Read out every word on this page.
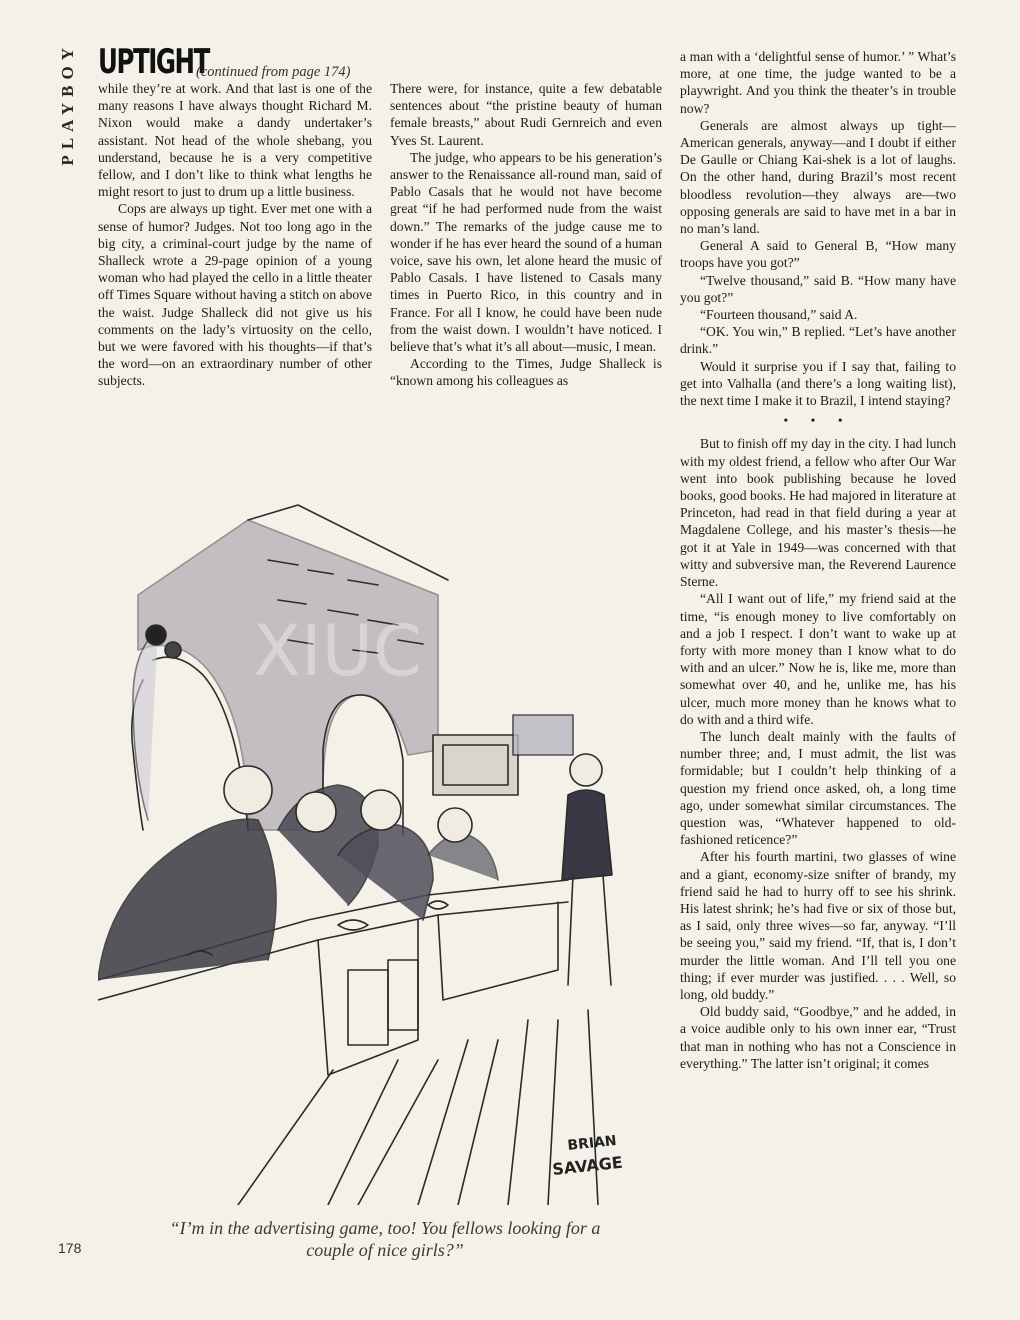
PLAYBOY UPTIGHT
(continued from page 174)

while they’re at work. And that last is one of the many reasons I have always thought Richard M. Nixon would make a dandy undertaker’s assistant. Not head of the whole shebang, you understand, because he is a very competitive fellow, and I don’t like to think what lengths he might resort to just to drum up a little business.

Cops are always up tight. Ever met one with a sense of humor? Judges. Not too long ago in the big city, a criminal-court judge by the name of Shalleck wrote a 29-page opinion of a young woman who had played the cello in a little theater off Times Square without having a stitch on above the waist. Judge Shalleck did not give us his comments on the lady’s virtuosity on the cello, but we were favored with his thoughts—if that’s the word—on an extraordinary number of other subjects.

There were, for instance, quite a few debatable sentences about “the pristine beauty of human female breasts,” about Rudi Gernreich and even Yves St. Laurent.

The judge, who appears to be his generation’s answer to the Renaissance all-round man, said of Pablo Casals that he would not have become great “if he had performed nude from the waist down.” The remarks of the judge cause me to wonder if he has ever heard the sound of a human voice, save his own, let alone heard the music of Pablo Casals. I have listened to Casals many times in Puerto Rico, in this country and in France. For all I know, he could have been nude from the waist down. I wouldn’t have noticed. I believe that’s what it’s all about—music, I mean.

According to the Times, Judge Shalleck is “known among his colleagues as

a man with a ‘delightful sense of humor.’ ” What’s more, at one time, the judge wanted to be a playwright. And you think the theater’s in trouble now?

Generals are almost always up tight—American generals, anyway—and I doubt if either De Gaulle or Chiang Kai-shek is a lot of laughs. On the other hand, during Brazil’s most recent bloodless revolution—they always are—two opposing generals are said to have met in a bar in no man’s land.

General A said to General B, “How many troops have you got?”

“Twelve thousand,” said B. “How many have you got?”

“Fourteen thousand,” said A.

“OK. You win,” B replied. “Let’s have another drink.”

Would it surprise you if I say that, failing to get into Valhalla (and there’s a long waiting list), the next time I make it to Brazil, I intend staying?

• • •

But to finish off my day in the city. I had lunch with my oldest friend, a fellow who after Our War went into book publishing because he loved books, good books. He had majored in literature at Princeton, had read in that field during a year at Magdalene College, and his master’s thesis—he got it at Yale in 1949—was concerned with that witty and subversive man, the Reverend Laurence Sterne.

“All I want out of life,” my friend said at the time, “is enough money to live comfortably on and a job I respect. I don’t want to wake up at forty with more money than I know what to do with and an ulcer.” Now he is, like me, more than somewhat over 40, and he, unlike me, has his ulcer, much more money than he knows what to do with and a third wife.

The lunch dealt mainly with the faults of number three; and, I must admit, the list was formidable; but I couldn’t help thinking of a question my friend once asked, oh, a long time ago, under somewhat similar circumstances. The question was, “Whatever happened to old-fashioned reticence?”

After his fourth martini, two glasses of wine and a giant, economy-size snifter of brandy, my friend said he had to hurry off to see his shrink. His latest shrink; he’s had five or six of those but, as I said, only three wives—so far, anyway. “I’ll be seeing you,” said my friend. “If, that is, I don’t murder the little woman. And I’ll tell you one thing; if ever murder was justified. . . . Well, so long, old buddy.”

Old buddy said, “Goodbye,” and he added, in a voice audible only to his own inner ear, “Trust that man in nothing who has not a Conscience in everything.” The latter isn’t original; it comes

BRIAN
SAVAGE
XIUC
“I’m in the advertising game, too! You fellows looking for a couple of nice girls?”
178
